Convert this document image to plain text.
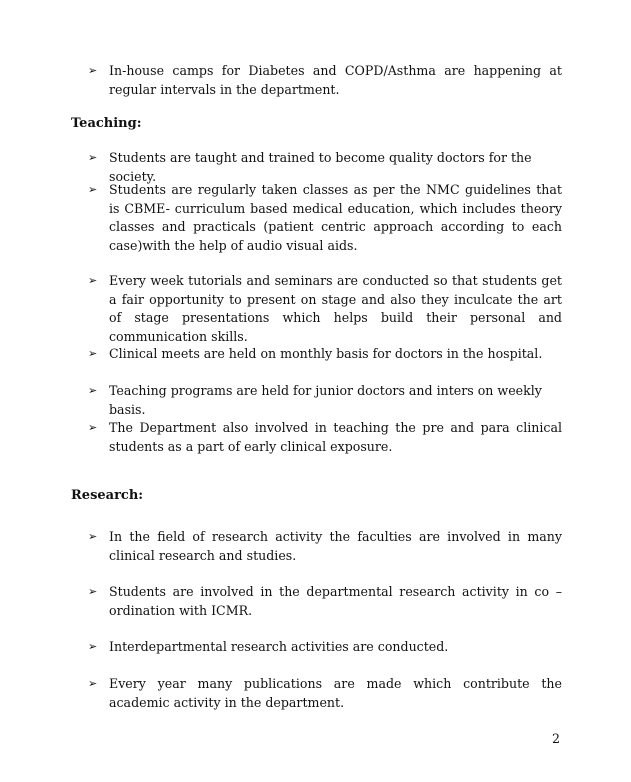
➢ In-house camps for Diabetes and COPD/Asthma are happening at regular intervals in the department.
Teaching:
➢ Students are taught and trained to become quality doctors for the society.
➢ Students are regularly taken classes as per the NMC guidelines that is CBME- curriculum based medical education, which includes theory classes and practicals (patient centric approach according to each case)with the help of audio visual aids.
➢ Every week tutorials and seminars are conducted so that students get a fair opportunity to present on stage and also they inculcate the art of stage presentations which helps build their personal and communication skills.
➢ Clinical meets are held on monthly basis for doctors in the hospital.
➢ Teaching programs are held for junior doctors and inters on weekly basis.
➢ The Department also involved in teaching the pre and para clinical students as a part of early clinical exposure.
Research:
➢ In the field of research activity the faculties are involved in many clinical research and studies.
➢ Students are involved in the departmental research activity in co –ordination with ICMR.
➢ Interdepartmental research activities are conducted.
➢ Every year many publications are made which contribute the academic activity in the department.
2
